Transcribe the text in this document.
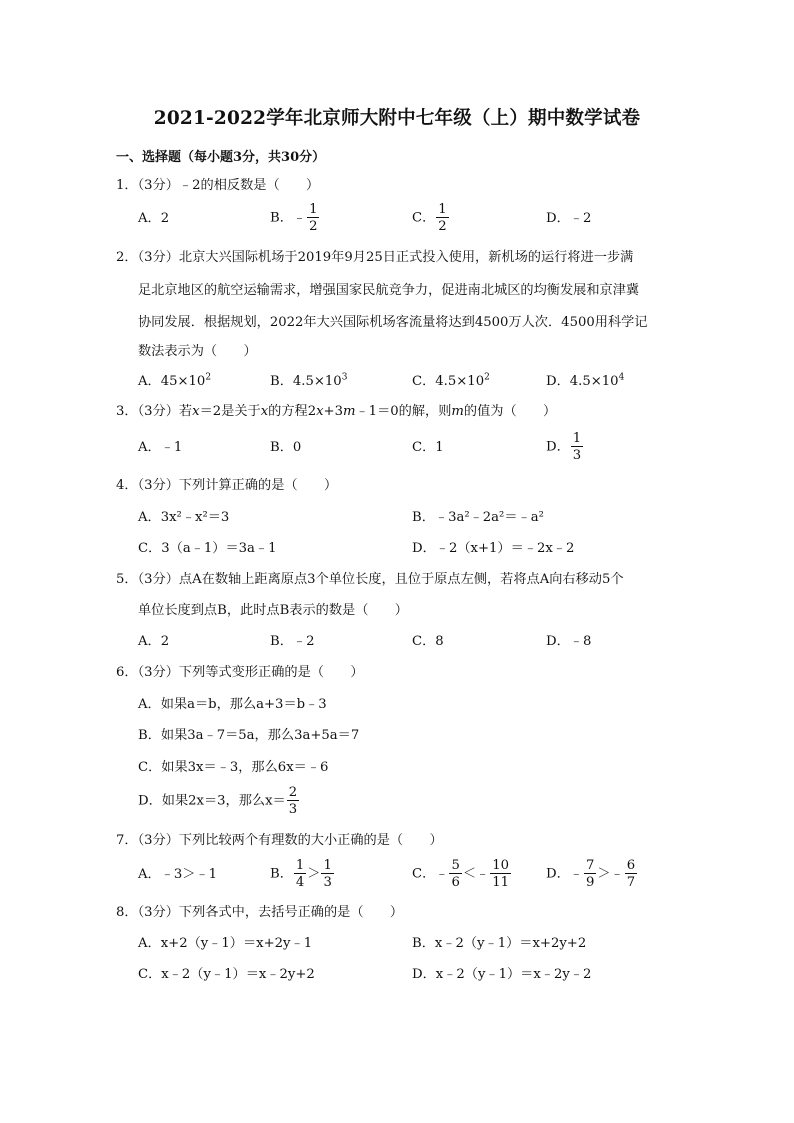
2021-2022学年北京师大附中七年级（上）期中数学试卷
一、选择题（每小题3分，共30分）
1．（3分）﹣2的相反数是（　　）
A．2	B．﹣ $\frac{1}{2}$	C． $\frac{1}{2}$	D．﹣2
2．（3分）北京大兴国际机场于2019年9月25日正式投入使用，新机场的运行将进一步满
足北京地区的航空运输需求，增强国家民航竞争力，促进南北城区的均衡发展和京津冀
协同发展．根据规划，2022年大兴国际机场客流量将达到4500万人次．4500用科学记
数法表示为（　　）
A．$45\times 10^2$	B．$4.5\times 10^3$	C．$4.5\times 10^2$	D．$4.5\times 10^4$
3．（3分）若x＝2是关于x的方程2x+3m﹣1＝0的解，则m的值为（　　）
A．﹣1	B．0	C．1	D． $\frac{1}{3}$
4．（3分）下列计算正确的是（　　）
A．3x²﹣x²＝3	B．﹣3a²﹣2a²＝﹣a²
C．3（a﹣1）＝3a﹣1	D．﹣2（x+1）＝﹣2x﹣2
5．（3分）点A在数轴上距离原点3个单位长度，且位于原点左侧，若将点A向右移动5个
单位长度到点B，此时点B表示的数是（　　）
A．2	B．﹣2	C．8	D．﹣8
6．（3分）下列等式变形正确的是（　　）
A．如果a＝b，那么a+3＝b﹣3
B．如果3a﹣7＝5a，那么3a+5a＝7
C．如果3x＝﹣3，那么6x＝﹣6
D．如果2x＝3，那么$x= \frac{2}{3}$
7．（3分）下列比较两个有理数的大小正确的是（　　）
A．﹣3＞﹣1	B． $\frac{1}{4} > \frac{1}{3}$	C．﹣ $\frac{5}{6}$ ＜﹣ $\frac{10}{11}$	D．﹣ $\frac{7}{9}$ ＞﹣ $\frac{6}{7}$
8．（3分）下列各式中，去括号正确的是（　　）
A．x+2（y﹣1）＝x+2y﹣1	B．x﹣2（y﹣1）＝x+2y+2
C．x﹣2（y﹣1）＝x﹣2y+2	D．x﹣2（y﹣1）＝x﹣2y﹣2
